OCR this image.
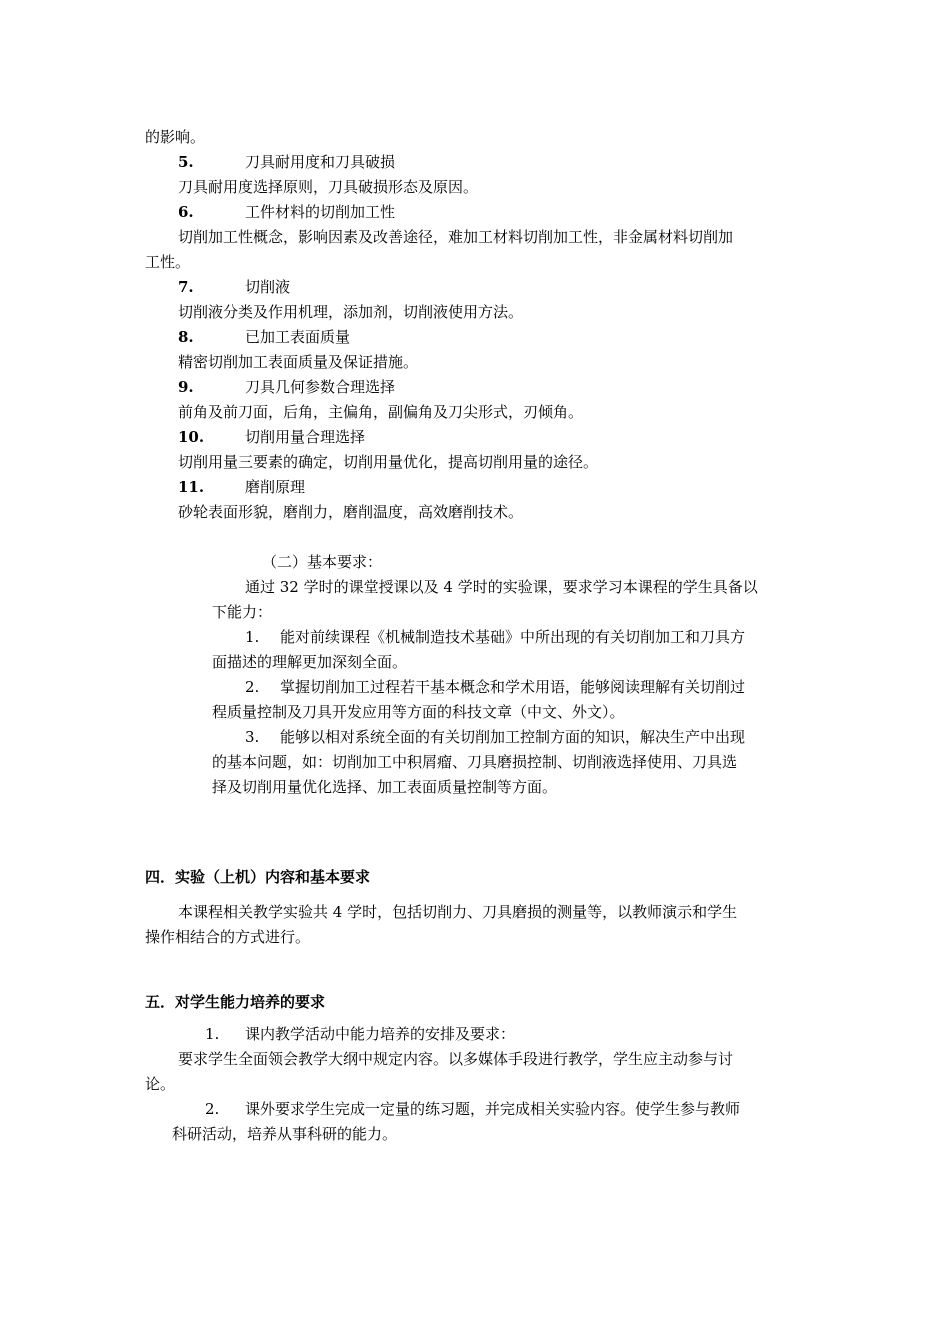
的影响。
5.	刀具耐用度和刀具破损
刀具耐用度选择原则，刀具破损形态及原因。
6.	工件材料的切削加工性
切削加工性概念，影响因素及改善途径，难加工材料切削加工性，非金属材料切削加
工性。
7.	切削液
切削液分类及作用机理，添加剂，切削液使用方法。
8.	已加工表面质量
精密切削加工表面质量及保证措施。
9.	刀具几何参数合理选择
前角及前刀面，后角，主偏角，副偏角及刀尖形式，刃倾角。
10.	切削用量合理选择
切削用量三要素的确定，切削用量优化，提高切削用量的途径。
11.	磨削原理
砂轮表面形貌，磨削力，磨削温度，高效磨削技术。
（二）基本要求：
通过 32 学时的课堂授课以及 4 学时的实验课，要求学习本课程的学生具备以
下能力：
1. 能对前续课程《机械制造技术基础》中所出现的有关切削加工和刀具方
面描述的理解更加深刻全面。
2. 掌握切削加工过程若干基本概念和学术用语，能够阅读理解有关切削过
程质量控制及刀具开发应用等方面的科技文章（中文、外文）。
3. 能够以相对系统全面的有关切削加工控制方面的知识，解决生产中出现
的基本问题，如：切削加工中积屑瘤、刀具磨损控制、切削液选择使用、刀具选
择及切削用量优化选择、加工表面质量控制等方面。
四．实验（上机）内容和基本要求
本课程相关教学实验共 4 学时，包括切削力、刀具磨损的测量等，以教师演示和学生
操作相结合的方式进行。
五．对学生能力培养的要求
1. 课内教学活动中能力培养的安排及要求：
要求学生全面领会教学大纲中规定内容。以多媒体手段进行教学，学生应主动参与讨
论。
2. 课外要求学生完成一定量的练习题，并完成相关实验内容。使学生参与教师
科研活动，培养从事科研的能力。
